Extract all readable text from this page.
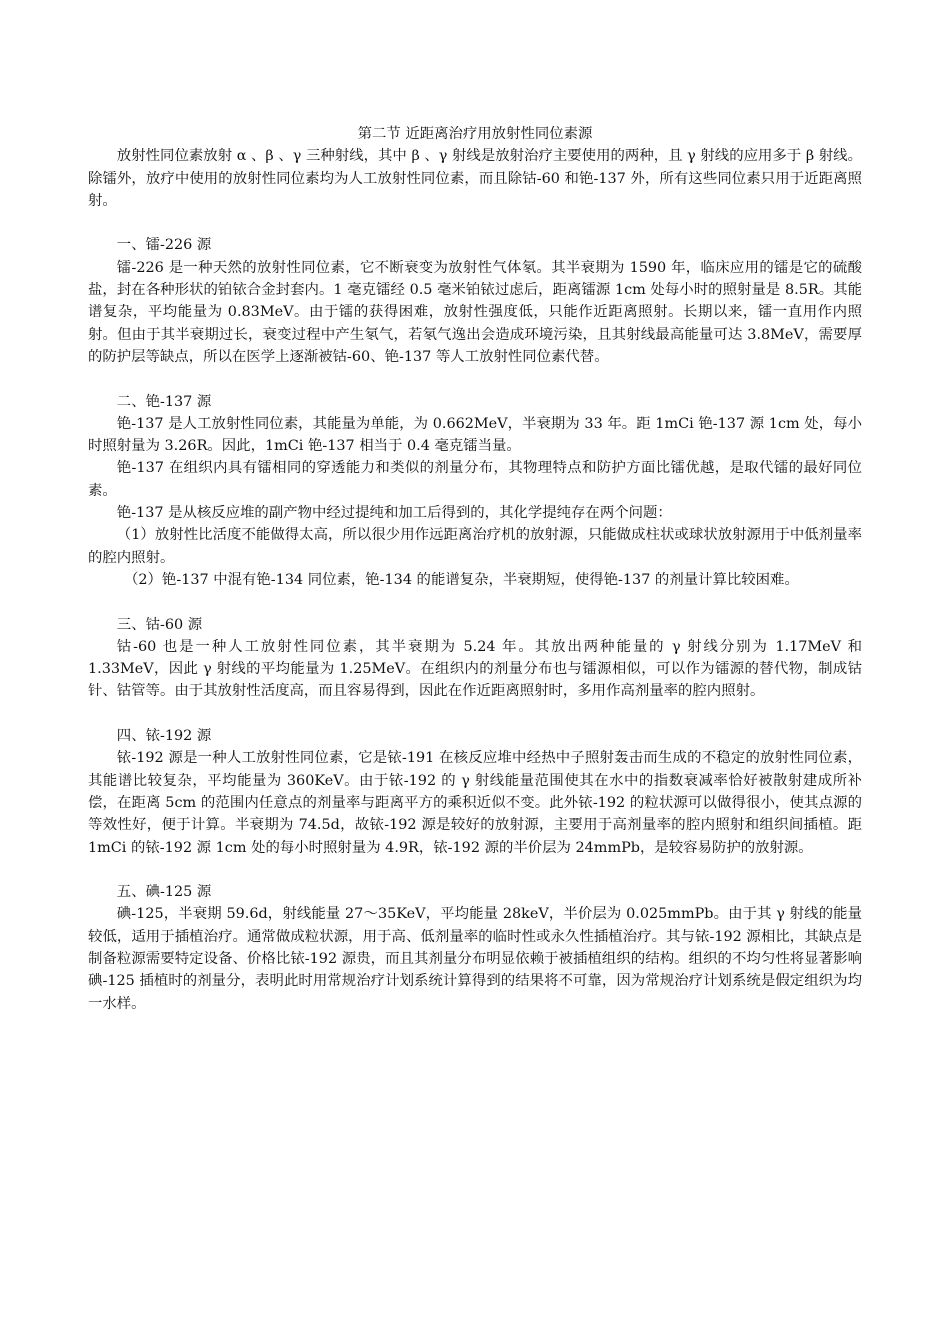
第二节 近距离治疗用放射性同位素源

放射性同位素放射 α 、β 、γ 三种射线，其中 β 、γ 射线是放射治疗主要使用的两种，且 γ 射线的应用多于 β 射线。除镭外，放疗中使用的放射性同位素均为人工放射性同位素，而且除钴-60 和铯-137 外，所有这些同位素只用于近距离照射。

一、镭-226 源

镭-226 是一种天然的放射性同位素，它不断衰变为放射性气体氡。其半衰期为 1590 年，临床应用的镭是它的硫酸盐，封在各种形状的铂铱合金封套内。1 毫克镭经 0.5 毫米铂铱过虑后，距离镭源 1cm 处每小时的照射量是 8.5R。其能谱复杂，平均能量为 0.83MeV。由于镭的获得困难，放射性强度低，只能作近距离照射。长期以来，镭一直用作内照射。但由于其半衰期过长，衰变过程中产生氡气，若氡气逸出会造成环境污染，且其射线最高能量可达 3.8MeV，需要厚的防护层等缺点，所以在医学上逐渐被钴-60、铯-137 等人工放射性同位素代替。

二、铯-137 源

铯-137 是人工放射性同位素，其能量为单能，为 0.662MeV，半衰期为 33 年。距 1mCi 铯-137 源 1cm 处，每小时照射量为 3.26R。因此，1mCi 铯-137 相当于 0.4 毫克镭当量。

铯-137 在组织内具有镭相同的穿透能力和类似的剂量分布，其物理特点和防护方面比镭优越，是取代镭的最好同位素。

铯-137 是从核反应堆的副产物中经过提纯和加工后得到的，其化学提纯存在两个问题：

（1）放射性比活度不能做得太高，所以很少用作远距离治疗机的放射源，只能做成柱状或球状放射源用于中低剂量率的腔内照射。

（2）铯-137 中混有铯-134 同位素，铯-134 的能谱复杂，半衰期短，使得铯-137 的剂量计算比较困难。

三、钴-60 源

钴-60 也是一种人工放射性同位素，其半衰期为 5.24 年。其放出两种能量的 γ 射线分别为 1.17MeV 和 1.33MeV，因此 γ 射线的平均能量为 1.25MeV。在组织内的剂量分布也与镭源相似，可以作为镭源的替代物，制成钴针、钴管等。由于其放射性活度高，而且容易得到，因此在作近距离照射时，多用作高剂量率的腔内照射。

四、铱-192 源

铱-192 源是一种人工放射性同位素，它是铱-191 在核反应堆中经热中子照射轰击而生成的不稳定的放射性同位素，其能谱比较复杂，平均能量为 360KeV。由于铱-192 的 γ 射线能量范围使其在水中的指数衰减率恰好被散射建成所补偿，在距离 5cm 的范围内任意点的剂量率与距离平方的乘积近似不变。此外铱-192 的粒状源可以做得很小，使其点源的等效性好，便于计算。半衰期为 74.5d，故铱-192 源是较好的放射源，主要用于高剂量率的腔内照射和组织间插植。距 1mCi 的铱-192 源 1cm 处的每小时照射量为 4.9R，铱-192 源的半价层为 24mmPb，是较容易防护的放射源。

五、碘-125 源

碘-125，半衰期 59.6d，射线能量 27～35KeV，平均能量 28keV，半价层为 0.025mmPb。由于其 γ 射线的能量较低，适用于插植治疗。通常做成粒状源，用于高、低剂量率的临时性或永久性插植治疗。其与铱-192 源相比，其缺点是制备粒源需要特定设备、价格比铱-192 源贵，而且其剂量分布明显依赖于被插植组织的结构。组织的不均匀性将显著影响碘-125 插植时的剂量分，表明此时用常规治疗计划系统计算得到的结果将不可靠，因为常规治疗计划系统是假定组织为均一水样。
